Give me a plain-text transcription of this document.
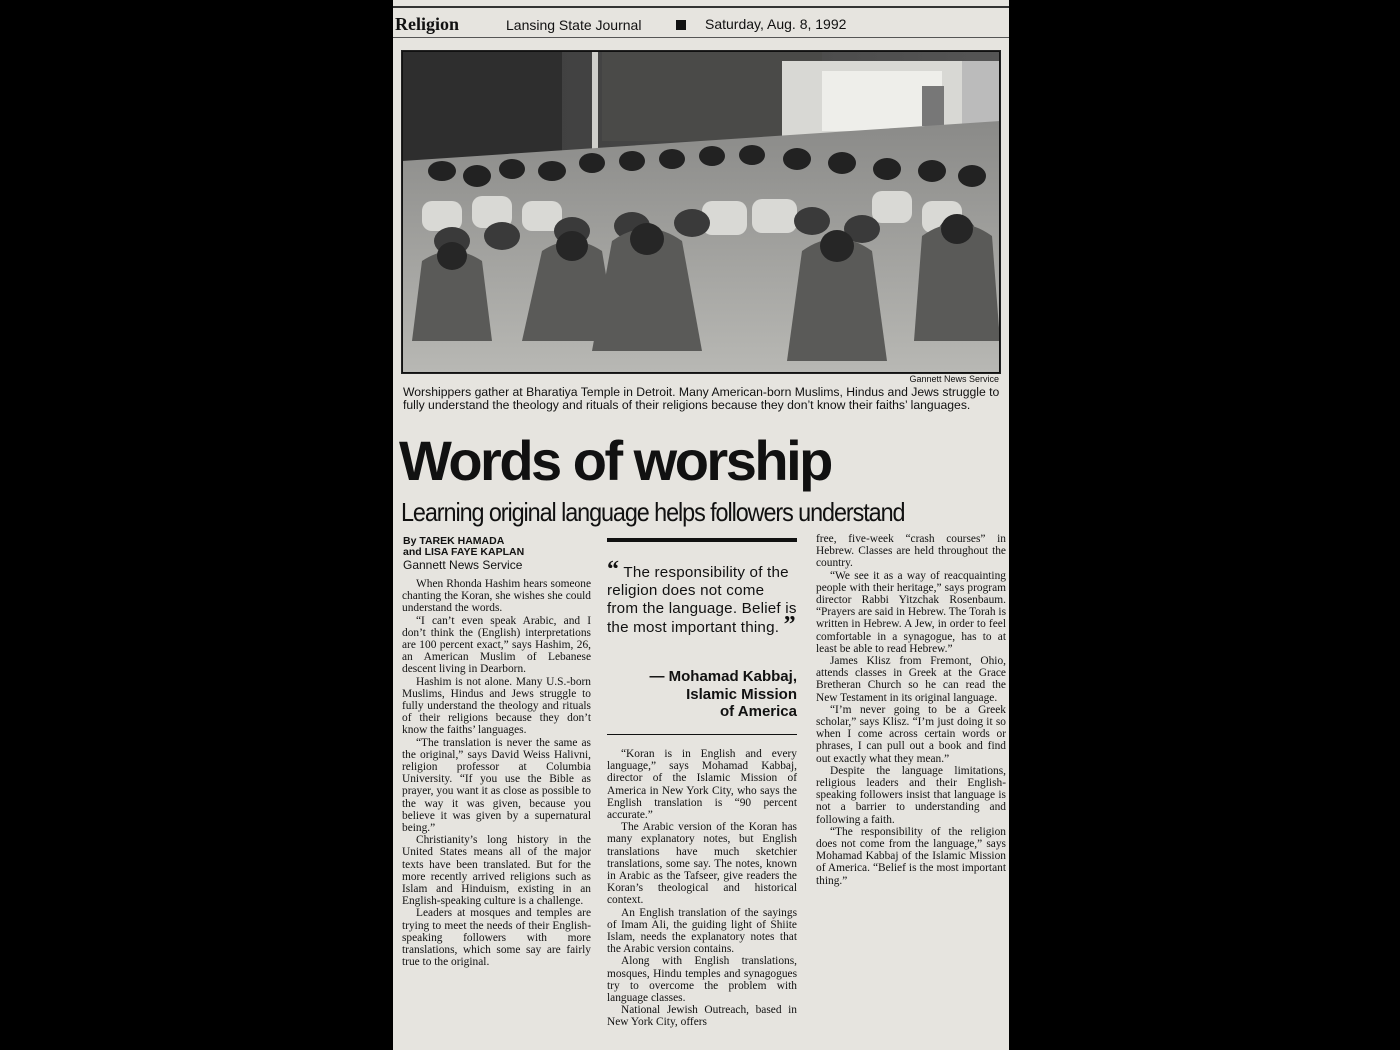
Religion	Lansing State Journal	Saturday, Aug. 8, 1992
Gannett News Service
Worshippers gather at Bharatiya Temple in Detroit. Many American-born Muslims, Hindus and Jews struggle to fully understand the theology and rituals of their religions because they don’t know their faiths’ languages.
Words of worship
Learning original language helps followers understand
By TAREK HAMADA
and LISA FAYE KAPLAN
Gannett News Service

When Rhonda Hashim hears someone chanting the Koran, she wishes she could understand the words.

“I can’t even speak Arabic, and I don’t think the (English) interpretations are 100 percent exact,” says Hashim, 26, an American Muslim of Lebanese descent living in Dearborn.

Hashim is not alone. Many U.S.-born Muslims, Hindus and Jews struggle to fully understand the theology and rituals of their religions because they don’t know the faiths’ languages.

“The translation is never the same as the original,” says David Weiss Halivni, religion professor at Columbia University. “If you use the Bible as prayer, you want it as close as possible to the way it was given, because you believe it was given by a supernatural being.”

Christianity’s long history in the United States means all of the major texts have been translated. But for the more recently arrived religions such as Islam and Hinduism, existing in an English-speaking culture is a challenge.

Leaders at mosques and temples are trying to meet the needs of their English-speaking followers with more translations, which some say are fairly true to the original.

“ The responsibility of the religion does not come from the language. Belief is the most important thing. ”
— Mohamad Kabbaj,
Islamic Mission
of America

“Koran is in English and every language,” says Mohamad Kabbaj, director of the Islamic Mission of America in New York City, who says the English translation is “90 percent accurate.”

The Arabic version of the Koran has many explanatory notes, but English translations have much sketchier translations, some say. The notes, known in Arabic as the Tafseer, give readers the Koran’s theological and historical context.

An English translation of the sayings of Imam Ali, the guiding light of Shiite Islam, needs the explanatory notes that the Arabic version contains.

Along with English translations, mosques, Hindu temples and synagogues try to overcome the problem with language classes.

National Jewish Outreach, based in New York City, offers

free, five-week “crash courses” in Hebrew. Classes are held throughout the country.

“We see it as a way of reacquainting people with their heritage,” says program director Rabbi Yitzchak Rosenbaum. “Prayers are said in Hebrew. The Torah is written in Hebrew. A Jew, in order to feel comfortable in a synagogue, has to at least be able to read Hebrew.”

James Klisz from Fremont, Ohio, attends classes in Greek at the Grace Bretheran Church so he can read the New Testament in its original language.

“I’m never going to be a Greek scholar,” says Klisz. “I’m just doing it so when I come across certain words or phrases, I can pull out a book and find out exactly what they mean.”

Despite the language limitations, religious leaders and their English-speaking followers insist that language is not a barrier to understanding and following a faith.

“The responsibility of the religion does not come from the language,” says Mohamad Kabbaj of the Islamic Mission of America. “Belief is the most important thing.”
